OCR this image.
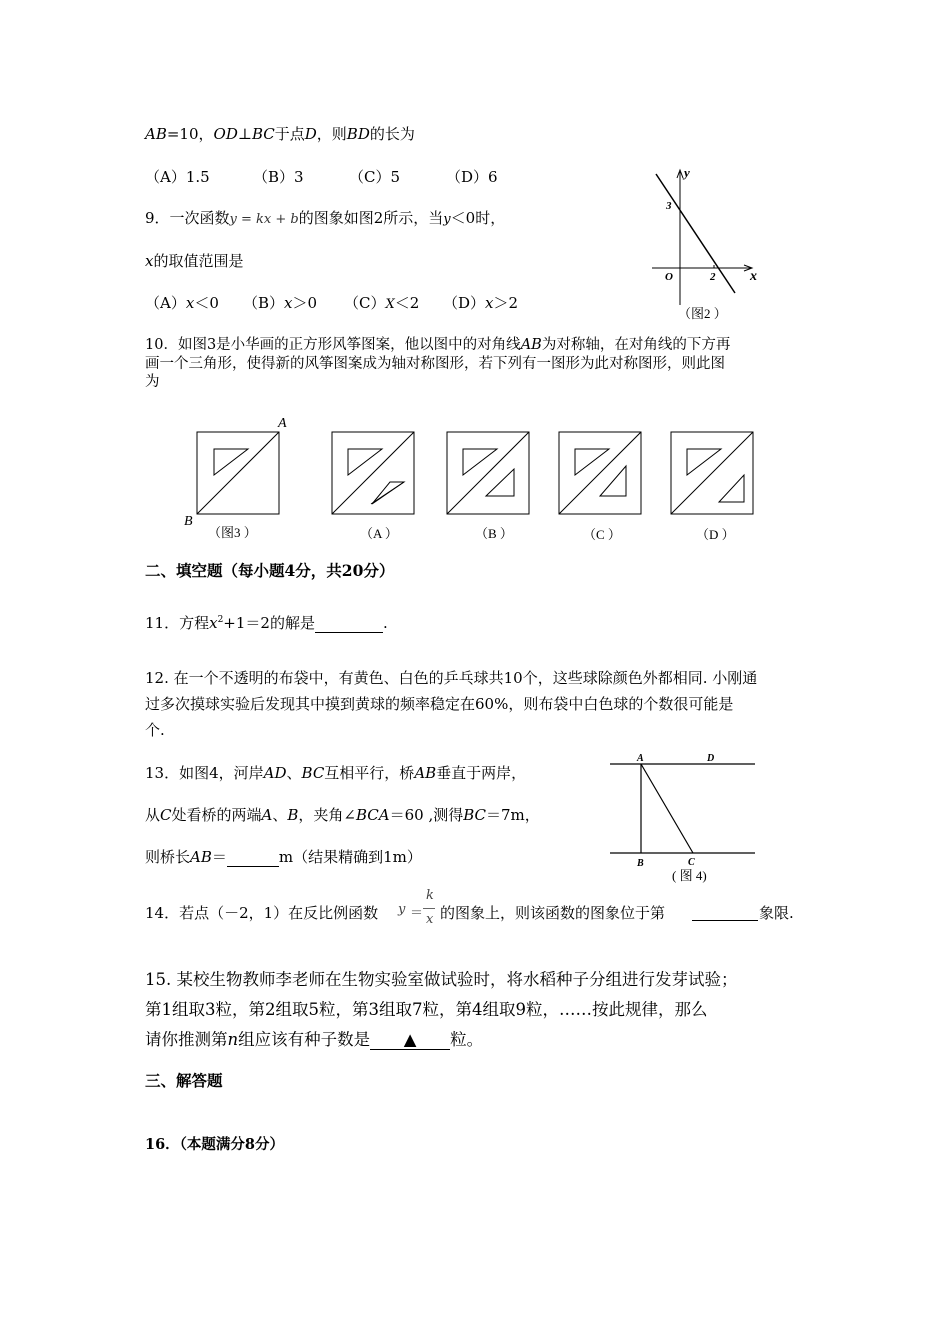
AB=10，OD⊥BC于点D，则BD的长为
（A）1.5	（B）3	（C）5	（D）6
9．一次函数y = kx + b的图象如图2所示，当y＜0时，
x的取值范围是
（A）x＜0 （B）x＞0 （C）X＜2 （D）x＞2
y
x
O
3
2
（图2 ）
10．如图3是小华画的正方形风筝图案，他以图中的对角线AB为对称轴，在对角线的下方再
画一个三角形，使得新的风筝图案成为轴对称图形，若下列有一图形为此对称图形，则此图
为
A
B
（图3 ）	（A ）	（B ）	（C ）	（D ）
二、填空题（每小题4分，共20分）
11．方程$x^2+1=2$的解是	.
12. 在一个不透明的布袋中，有黄色、白色的乒乓球共10个，这些球除颜色外都相同. 小刚通
过多次摸球实验后发现其中摸到黄球的频率稳定在60%，则布袋中白色球的个数很可能是
个.
13．如图4，河岸AD、BC互相平行，桥AB垂直于两岸，
从C处看桥的两端A、B，夹角∠BCA＝60 ,测得BC＝7m，
则桥长AB＝	m（结果精确到1m）
A	D
B	C
( 图 4)
14．若点（－2，1）在反比例函数 y ＝
k
x 的图象上，则该函数的图象位于第
	象限.
15. 某校生物教师李老师在生物实验室做试验时，将水稻种子分组进行发芽试验；
第1组取3粒，第2组取5粒，第3组取7粒，第4组取9粒，……按此规律，那么
请你推测第n组应该有种子数是 ▲ 粒。
三、解答题
16．（本题满分8分）
